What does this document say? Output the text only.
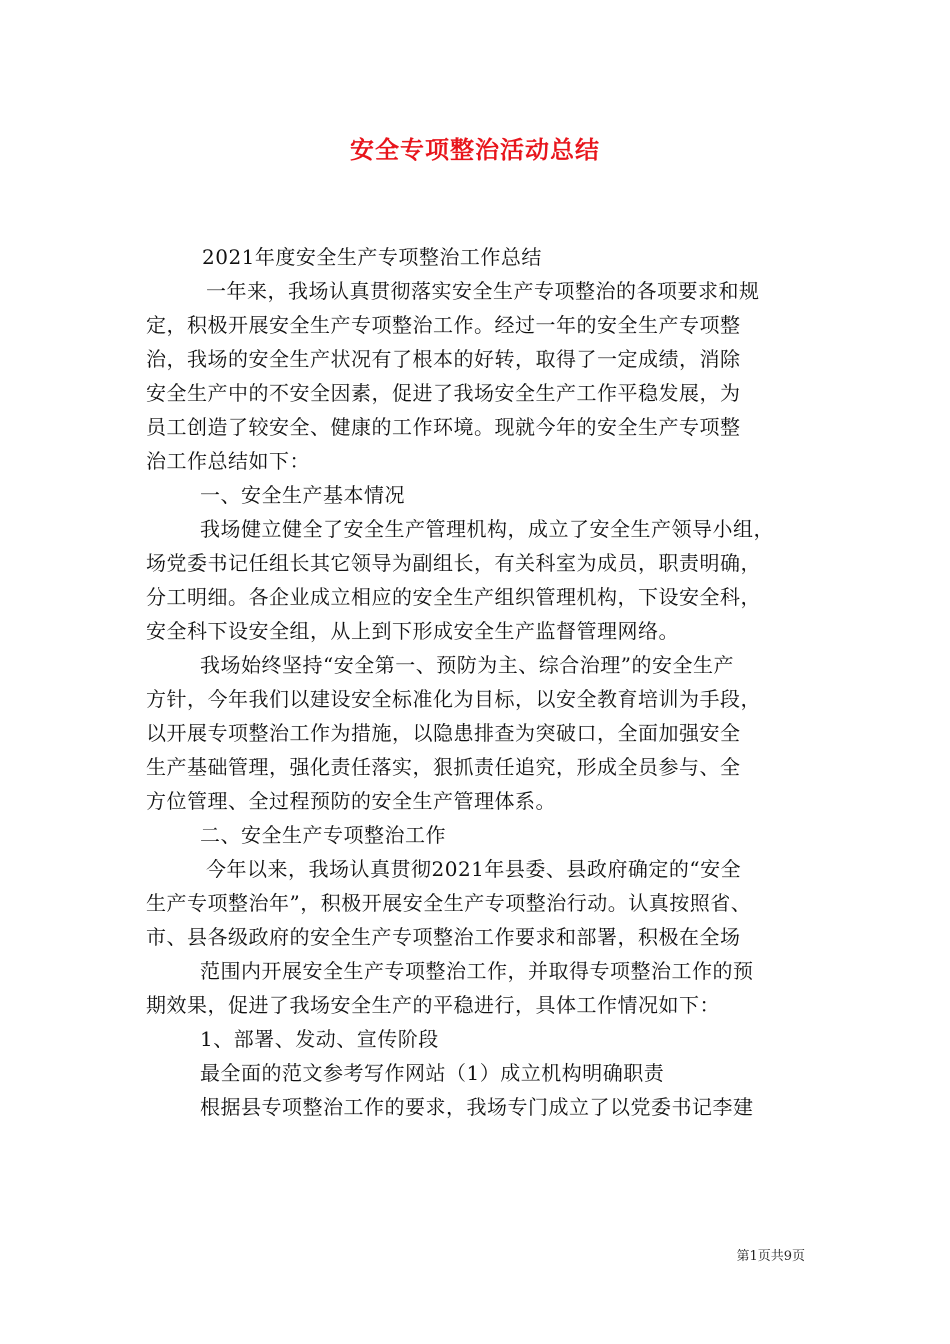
安全专项整治活动总结
2021年度安全生产专项整治工作总结
一年来，我场认真贯彻落实安全生产专项整治的各项要求和规
定，积极开展安全生产专项整治工作。经过一年的安全生产专项整
治，我场的安全生产状况有了根本的好转，取得了一定成绩，消除
安全生产中的不安全因素，促进了我场安全生产工作平稳发展，为
员工创造了较安全、健康的工作环境。现就今年的安全生产专项整
治工作总结如下：
一、安全生产基本情况
我场健立健全了安全生产管理机构，成立了安全生产领导小组，
场党委书记任组长其它领导为副组长，有关科室为成员，职责明确，
分工明细。各企业成立相应的安全生产组织管理机构，下设安全科，
安全科下设安全组，从上到下形成安全生产监督管理网络。
我场始终坚持“安全第一、预防为主、综合治理”的安全生产
方针，今年我们以建设安全标准化为目标，以安全教育培训为手段，
以开展专项整治工作为措施，以隐患排查为突破口，全面加强安全
生产基础管理，强化责任落实，狠抓责任追究，形成全员参与、全
方位管理、全过程预防的安全生产管理体系。
二、安全生产专项整治工作
今年以来，我场认真贯彻2021年县委、县政府确定的“安全
生产专项整治年”，积极开展安全生产专项整治行动。认真按照省、
市、县各级政府的安全生产专项整治工作要求和部署，积极在全场
范围内开展安全生产专项整治工作，并取得专项整治工作的预
期效果，促进了我场安全生产的平稳进行，具体工作情况如下：
1、部署、发动、宣传阶段
最全面的范文参考写作网站（1）成立机构明确职责
根据县专项整治工作的要求，我场专门成立了以党委书记李建
第1页共9页
